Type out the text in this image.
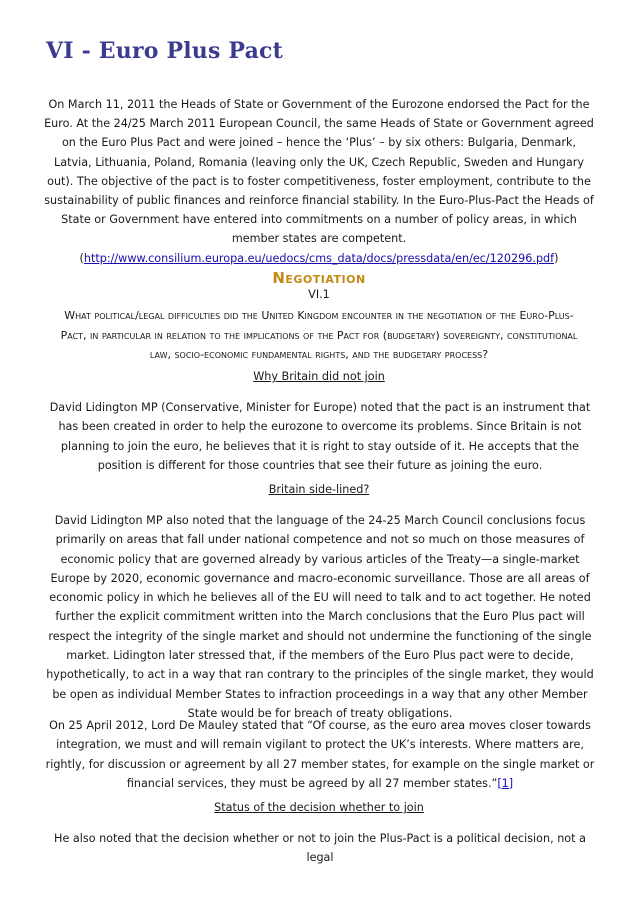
VI - Euro Plus Pact
On March 11, 2011 the Heads of State or Government of the Eurozone endorsed the Pact for the Euro. At the 24/25 March 2011 European Council, the same Heads of State or Government agreed on the Euro Plus Pact and were joined – hence the ‘Plus’ – by six others: Bulgaria, Denmark, Latvia, Lithuania, Poland, Romania (leaving only the UK, Czech Republic, Sweden and Hungary out). The objective of the pact is to foster competitiveness, foster employment, contribute to the sustainability of public finances and reinforce financial stability. In the Euro-Plus-Pact the Heads of State or Government have entered into commitments on a number of policy areas, in which member states are competent. (http://www.consilium.europa.eu/uedocs/cms_data/docs/pressdata/en/ec/120296.pdf)
Negotiation
VI.1
What political/legal difficulties did the United Kingdom encounter in the negotiation of the Euro-Plus-Pact, in particular in relation to the implications of the Pact for (budgetary) sovereignty, constitutional law, socio-economic fundamental rights, and the budgetary process?
Why Britain did not join
David Lidington MP (Conservative, Minister for Europe) noted that the pact is an instrument that has been created in order to help the eurozone to overcome its problems. Since Britain is not planning to join the euro, he believes that it is right to stay outside of it. He accepts that the position is different for those countries that see their future as joining the euro.
Britain side-lined?
David Lidington MP also noted that the language of the 24-25 March Council conclusions focus primarily on areas that fall under national competence and not so much on those measures of economic policy that are governed already by various articles of the Treaty—a single-market Europe by 2020, economic governance and macro-economic surveillance. Those are all areas of economic policy in which he believes all of the EU will need to talk and to act together. He noted further the explicit commitment written into the March conclusions that the Euro Plus pact will respect the integrity of the single market and should not undermine the functioning of the single market. Lidington later stressed that, if the members of the Euro Plus pact were to decide, hypothetically, to act in a way that ran contrary to the principles of the single market, they would be open as individual Member States to infraction proceedings in a way that any other Member State would be for breach of treaty obligations.
On 25 April 2012, Lord De Mauley stated that “Of course, as the euro area moves closer towards integration, we must and will remain vigilant to protect the UK’s interests. Where matters are, rightly, for discussion or agreement by all 27 member states, for example on the single market or financial services, they must be agreed by all 27 member states.”[1]
Status of the decision whether to join
He also noted that the decision whether or not to join the Plus-Pact is a political decision, not a legal
